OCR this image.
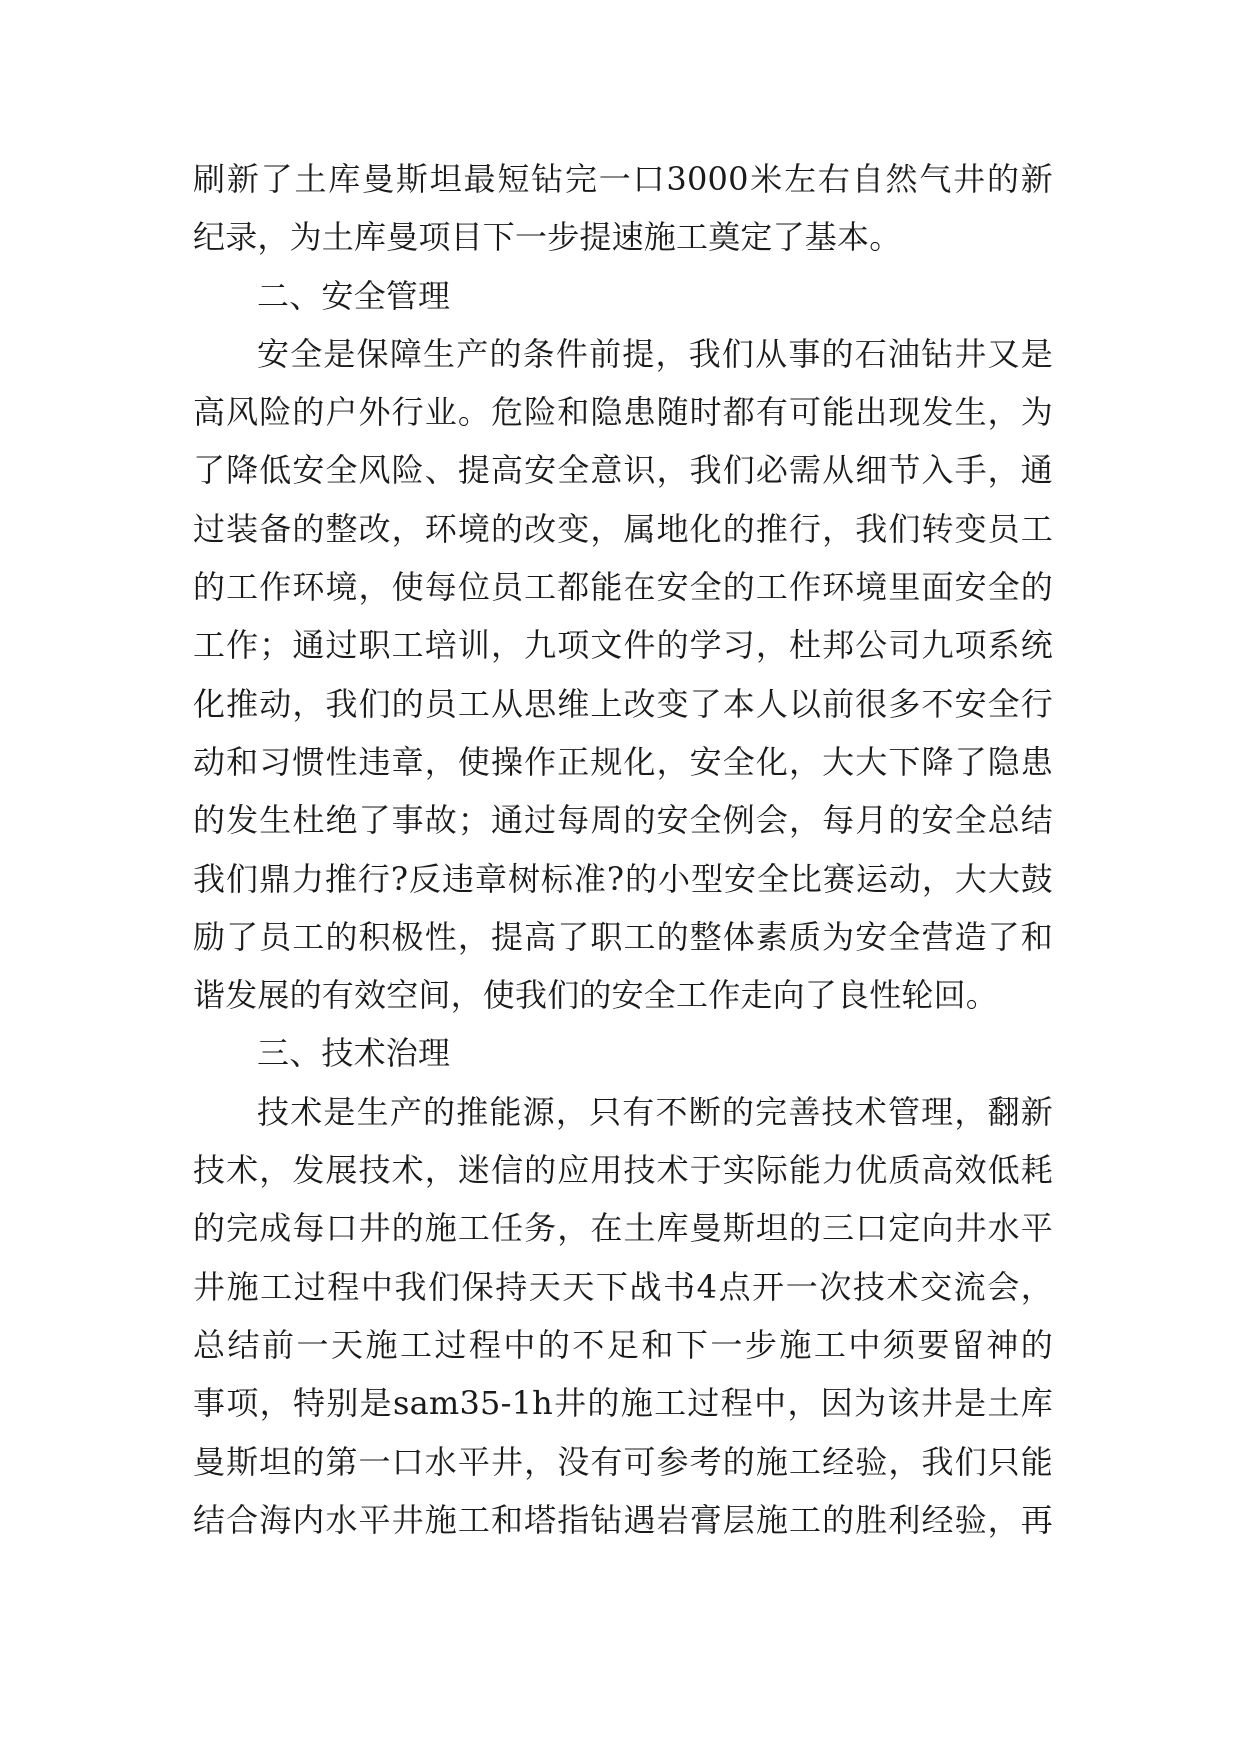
刷新了土库曼斯坦最短钻完一口3000米左右自然气井的新
纪录，为土库曼项目下一步提速施工奠定了基本。
二、安全管理
安全是保障生产的条件前提，我们从事的石油钻井又是
高风险的户外行业。危险和隐患随时都有可能出现发生，为
了降低安全风险、提高安全意识，我们必需从细节入手，通
过装备的整改，环境的改变，属地化的推行，我们转变员工
的工作环境，使每位员工都能在安全的工作环境里面安全的
工作；通过职工培训，九项文件的学习，杜邦公司九项系统
化推动，我们的员工从思维上改变了本人以前很多不安全行
动和习惯性违章，使操作正规化，安全化，大大下降了隐患
的发生杜绝了事故；通过每周的安全例会，每月的安全总结
我们鼎力推行?反违章树标准?的小型安全比赛运动，大大鼓
励了员工的积极性，提高了职工的整体素质为安全营造了和
谐发展的有效空间，使我们的安全工作走向了良性轮回。
三、技术治理
技术是生产的推能源，只有不断的完善技术管理，翻新
技术，发展技术，迷信的应用技术于实际能力优质高效低耗
的完成每口井的施工任务，在土库曼斯坦的三口定向井水平
井施工过程中我们保持天天下战书4点开一次技术交流会，
总结前一天施工过程中的不足和下一步施工中须要留神的
事项，特别是sam35-1h井的施工过程中，因为该井是土库
曼斯坦的第一口水平井，没有可参考的施工经验，我们只能
结合海内水平井施工和塔指钻遇岩膏层施工的胜利经验，再
